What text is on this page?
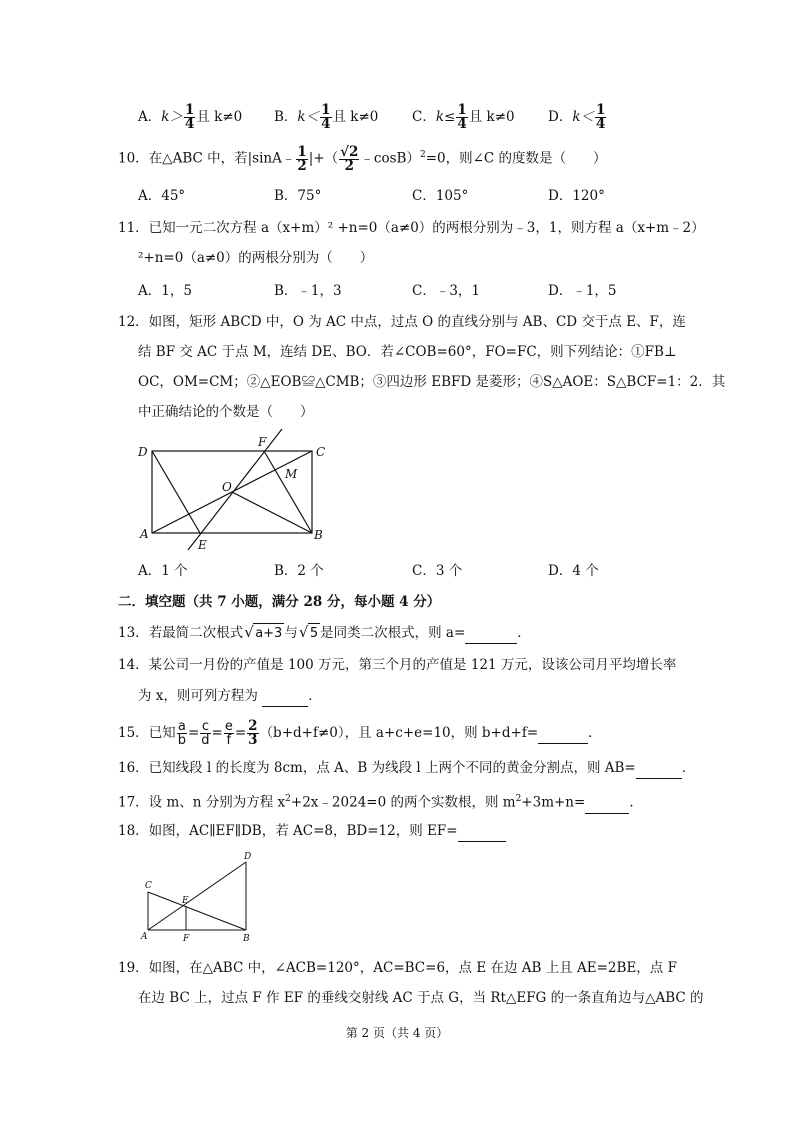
A．$k> \frac{1}{4}$ 且 k≠0 B．$k< \frac{1}{4}$ 且 k≠0 C．$k\le \frac{1}{4}$ 且 k≠0 D．$k< \frac{1}{4}$
10．在△ABC 中，若|sinA﹣ $\frac{1}{2}$ |+（ $\frac{√2}{2}$ ﹣cosB）$^2$=0，则∠C 的度数是（　　）
A．45°	B．75°	C．105°	D．120°
11．已知一元二次方程 a（x+m）² +n=0（a≠0）的两根分别为﹣3，1，则方程 a（x+m﹣2）
²+n=0（a≠0）的两根分别为（　　）
A．1，5	B．﹣1，3	C．﹣3，1	D．﹣1，5
12．如图，矩形 ABCD 中，O 为 AC 中点，过点 O 的直线分别与 AB、CD 交于点 E、F，连
结 BF 交 AC 于点 M，连结 DE、BO．若∠COB=60°，FO=FC，则下列结论：①FB⊥
OC，OM=CM；②△EOB≌△CMB；③四边形 EBFD 是菱形；④S△AOE：S△BCF=1：2．其
中正确结论的个数是（　　）
D
F
C
M
O
A
E
B
A．1 个	B．2 个	C．3 个	D．4 个
二．填空题（共 7 小题，满分 28 分，每小题 4 分）
13．若最简二次根式 √ a+3 与 √ 5 是同类二次根式，则 a=	．
14．某公司一月份的产值是 100 万元，第三个月的产值是 121 万元，设该公司月平均增长率
为 x，则可列方程为	．
15．已知 $\frac{a}{b} = \frac{c}{d} = \frac{e}{f} = \frac{2}{3} (b+d+f\ne 0)$，且 a+c+e=10，则 b+d+f=	．
16．已知线段 l 的长度为 8cm，点 A、B 为线段 l 上两个不同的黄金分割点，则 AB=	．
17．设 m、n 分别为方程 $x^2+2x﹣2024=0$ 的两个实数根，则 $m^2+3m+n=$	．
18．如图，AC∥EF∥DB，若 AC=8，BD=12，则 EF=
D
C
E
A	F	B
19．如图，在△ABC 中，∠ACB=120°，AC=BC=6，点 E 在边 AB 上且 AE=2BE，点 F
在边 BC 上，过点 F 作 EF 的垂线交射线 AC 于点 G，当 Rt△EFG 的一条直角边与△ABC 的
第 2 页（共 4 页）
